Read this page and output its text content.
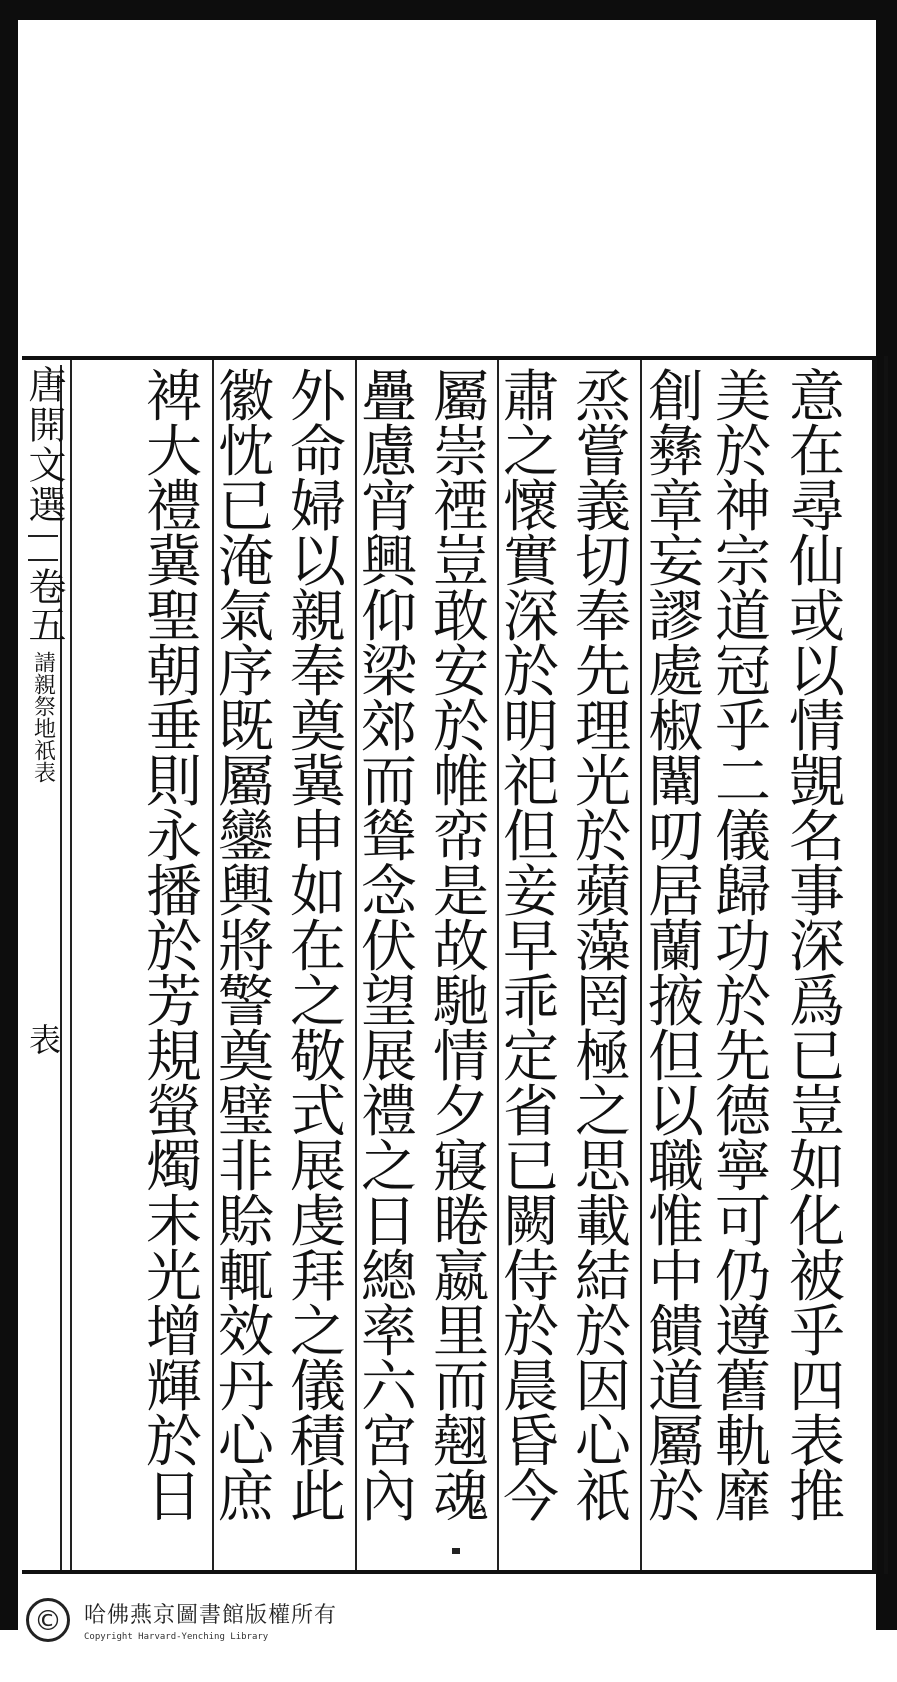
意
在
尋
仙
或
以
情
覬
名
事
深
爲
已
豈
如
化
被
乎
四
表
推
美
於
神
宗
道
冠
乎
二
儀
歸
功
於
先
德
寧
可
仍
遵
舊
軌
靡
創
彝
章
妄
謬
處
椒
闈
叨
居
蘭
掖
但
以
職
惟
中
饋
道
屬
於
烝
嘗
義
切
奉
先
理
光
於
蘋
藻
罔
極
之
思
載
結
於
因
心
祇
肅
之
懷
實
深
於
明
祀
但
妾
早
乖
定
省
已
闕
侍
於
晨
昏
今
屬
崇
禋
豈
敢
安
於
帷
帟
是
故
馳
情
夕
寢
睠
嬴
里
而
翹
魂
疊
慮
宵
興
仰
梁
郊
而
聳
念
伏
望
展
禮
之
日
總
率
六
宮
內
外
命
婦
以
親
奉
奠
冀
申
如
在
之
敬
式
展
虔
拜
之
儀
積
此
徽
忱
已
淹
氣
序
既
屬
鑾
輿
將
警
奠
璧
非
賒
輒
效
丹
心
庶
裨
大
禮
冀
聖
朝
垂
則
永
播
於
芳
規
螢
燭
末
光
增
輝
於
日
唐開文選
卷五
請親祭地祇表
表
©	哈佛燕京圖書館版權所有
Copyright Harvard-Yenching Library
